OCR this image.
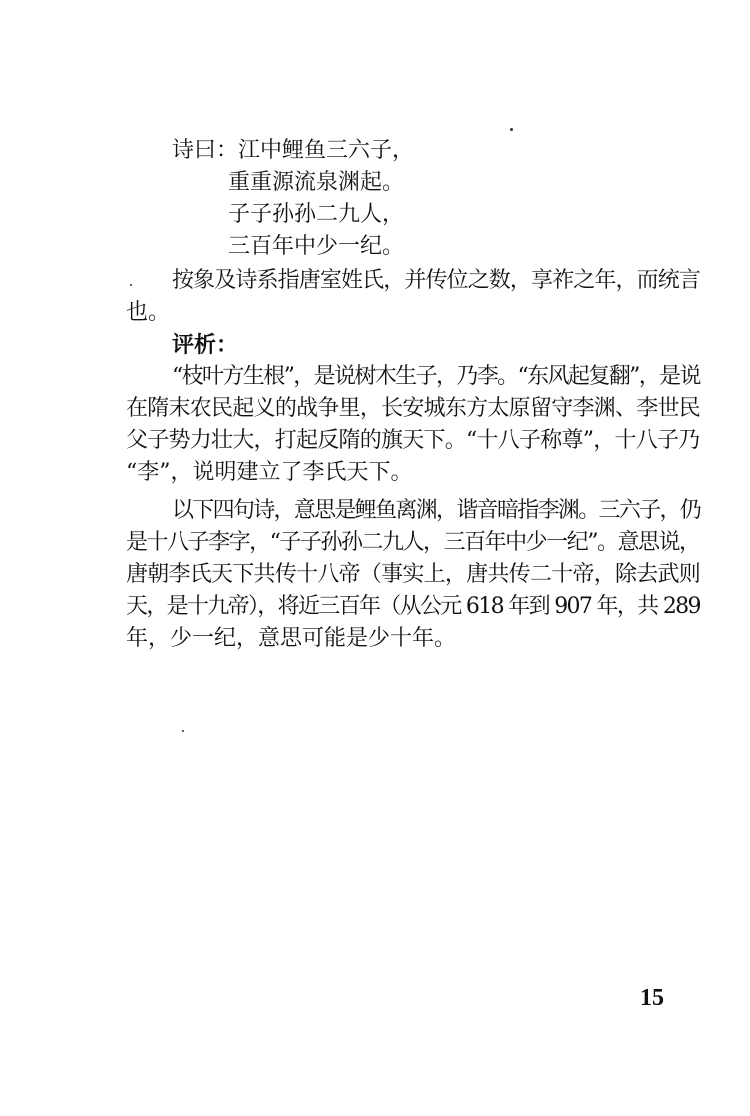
诗曰：江中鲤鱼三六子，
重重源流泉渊起。
子子孙孙二九人，
三百年中少一纪。
按象及诗系指唐室姓氏，并传位之数，享祚之年，而统言
也。
评析：
“枝叶方生根”，是说树木生子，乃李。“东风起复翻”，是说
在隋末农民起义的战争里，长安城东方太原留守李渊、李世民
父子势力壮大，打起反隋的旗天下。“十八子称尊”，十八子乃
“李”，说明建立了李氏天下。
以下四句诗，意思是鲤鱼离渊，谐音暗指李渊。三六子，仍
是十八子李字，“子子孙孙二九人，三百年中少一纪”。意思说，
唐朝李氏天下共传十八帝（事实上，唐共传二十帝，除去武则
天，是十九帝），将近三百年（从公元 618 年到 907 年，共 289
年，少一纪，意思可能是少十年。
15
